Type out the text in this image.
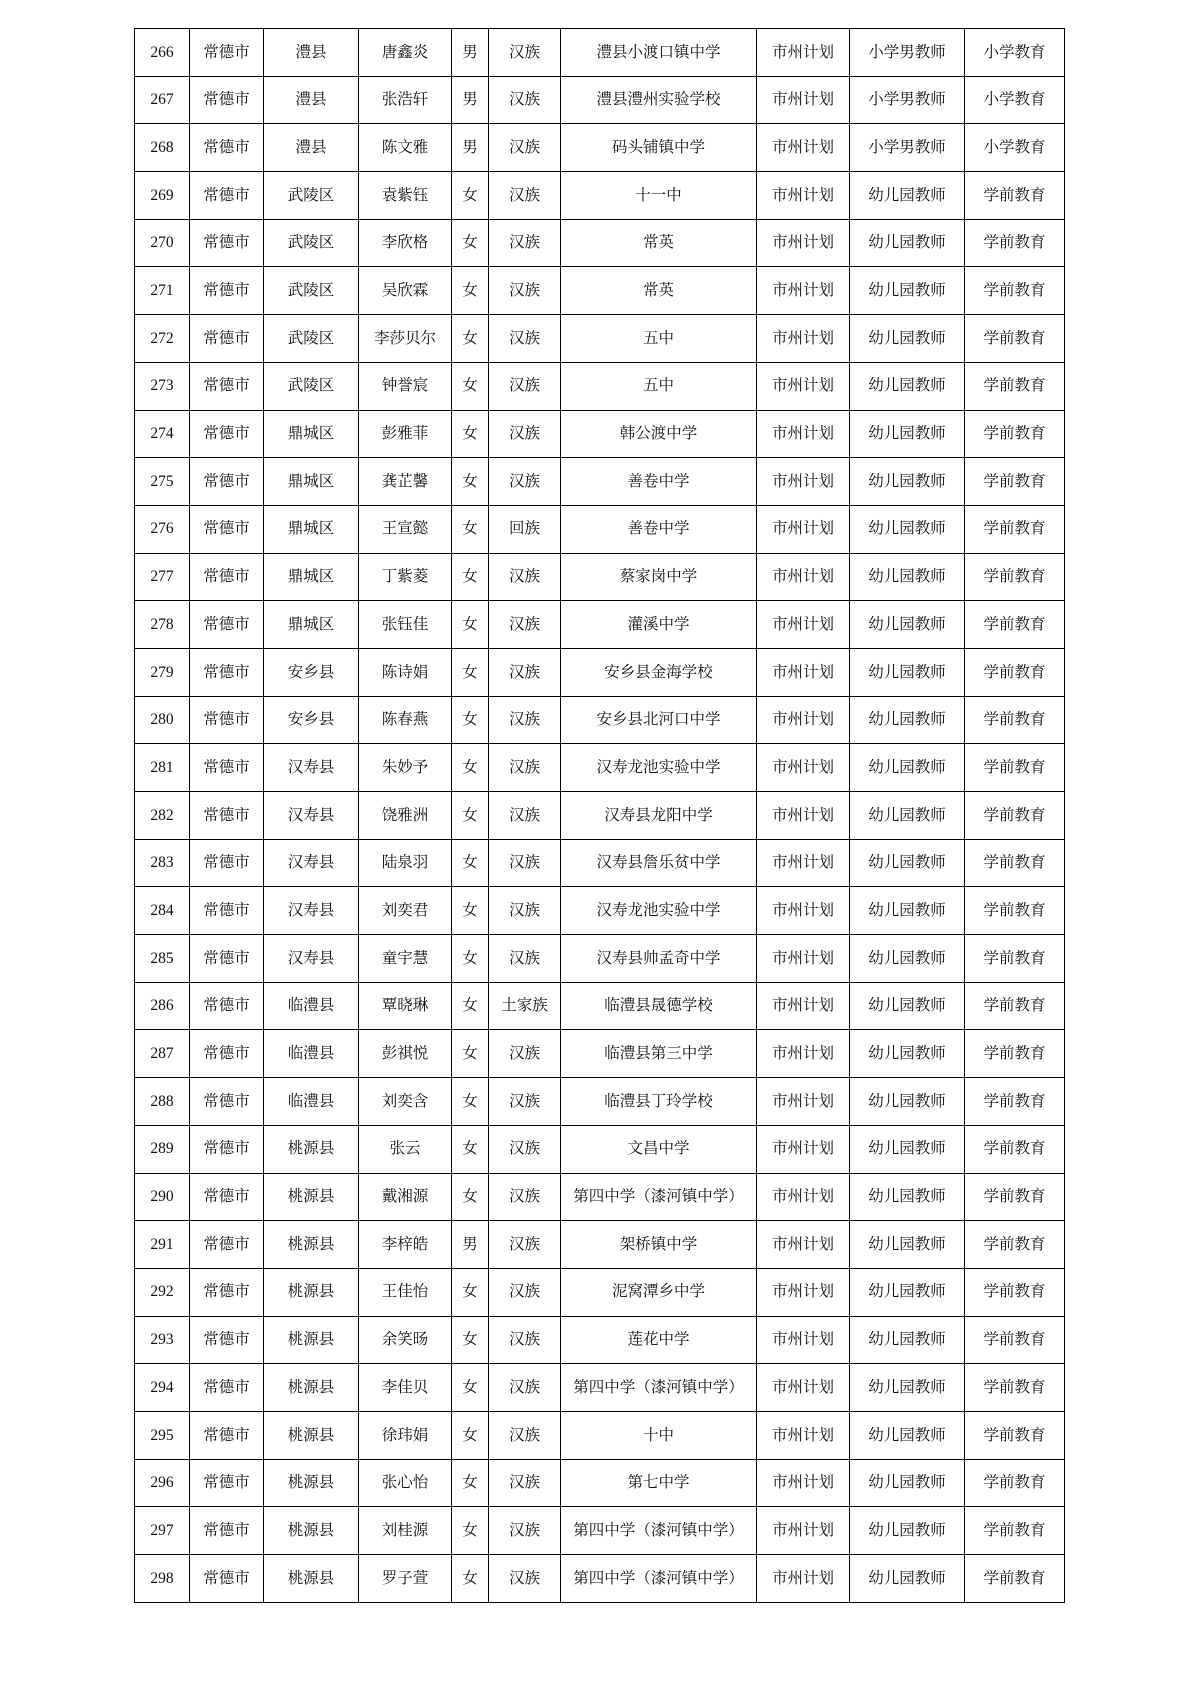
266	常德市	澧县	唐鑫炎	男	汉族	澧县小渡口镇中学	市州计划	小学男教师	小学教育
267	常德市	澧县	张浩轩	男	汉族	澧县澧州实验学校	市州计划	小学男教师	小学教育
268	常德市	澧县	陈文雅	男	汉族	码头铺镇中学	市州计划	小学男教师	小学教育
269	常德市	武陵区	袁紫钰	女	汉族	十一中	市州计划	幼儿园教师	学前教育
270	常德市	武陵区	李欣格	女	汉族	常英	市州计划	幼儿园教师	学前教育
271	常德市	武陵区	吴欣霖	女	汉族	常英	市州计划	幼儿园教师	学前教育
272	常德市	武陵区	李莎贝尔	女	汉族	五中	市州计划	幼儿园教师	学前教育
273	常德市	武陵区	钟誉宸	女	汉族	五中	市州计划	幼儿园教师	学前教育
274	常德市	鼎城区	彭雅菲	女	汉族	韩公渡中学	市州计划	幼儿园教师	学前教育
275	常德市	鼎城区	龚芷馨	女	汉族	善卷中学	市州计划	幼儿园教师	学前教育
276	常德市	鼎城区	王宣懿	女	回族	善卷中学	市州计划	幼儿园教师	学前教育
277	常德市	鼎城区	丁紫菱	女	汉族	蔡家岗中学	市州计划	幼儿园教师	学前教育
278	常德市	鼎城区	张钰佳	女	汉族	灌溪中学	市州计划	幼儿园教师	学前教育
279	常德市	安乡县	陈诗娟	女	汉族	安乡县金海学校	市州计划	幼儿园教师	学前教育
280	常德市	安乡县	陈春燕	女	汉族	安乡县北河口中学	市州计划	幼儿园教师	学前教育
281	常德市	汉寿县	朱妙予	女	汉族	汉寿龙池实验中学	市州计划	幼儿园教师	学前教育
282	常德市	汉寿县	饶雅洲	女	汉族	汉寿县龙阳中学	市州计划	幼儿园教师	学前教育
283	常德市	汉寿县	陆泉羽	女	汉族	汉寿县詹乐贫中学	市州计划	幼儿园教师	学前教育
284	常德市	汉寿县	刘奕君	女	汉族	汉寿龙池实验中学	市州计划	幼儿园教师	学前教育
285	常德市	汉寿县	童宇慧	女	汉族	汉寿县帅孟奇中学	市州计划	幼儿园教师	学前教育
286	常德市	临澧县	覃晓琳	女	土家族	临澧县晟德学校	市州计划	幼儿园教师	学前教育
287	常德市	临澧县	彭祺悦	女	汉族	临澧县第三中学	市州计划	幼儿园教师	学前教育
288	常德市	临澧县	刘奕含	女	汉族	临澧县丁玲学校	市州计划	幼儿园教师	学前教育
289	常德市	桃源县	张云	女	汉族	文昌中学	市州计划	幼儿园教师	学前教育
290	常德市	桃源县	戴湘源	女	汉族	第四中学（漆河镇中学）	市州计划	幼儿园教师	学前教育
291	常德市	桃源县	李梓皓	男	汉族	架桥镇中学	市州计划	幼儿园教师	学前教育
292	常德市	桃源县	王佳怡	女	汉族	泥窝潭乡中学	市州计划	幼儿园教师	学前教育
293	常德市	桃源县	余笑旸	女	汉族	莲花中学	市州计划	幼儿园教师	学前教育
294	常德市	桃源县	李佳贝	女	汉族	第四中学（漆河镇中学）	市州计划	幼儿园教师	学前教育
295	常德市	桃源县	徐玮娟	女	汉族	十中	市州计划	幼儿园教师	学前教育
296	常德市	桃源县	张心怡	女	汉族	第七中学	市州计划	幼儿园教师	学前教育
297	常德市	桃源县	刘桂源	女	汉族	第四中学（漆河镇中学）	市州计划	幼儿园教师	学前教育
298	常德市	桃源县	罗子萱	女	汉族	第四中学（漆河镇中学）	市州计划	幼儿园教师	学前教育
